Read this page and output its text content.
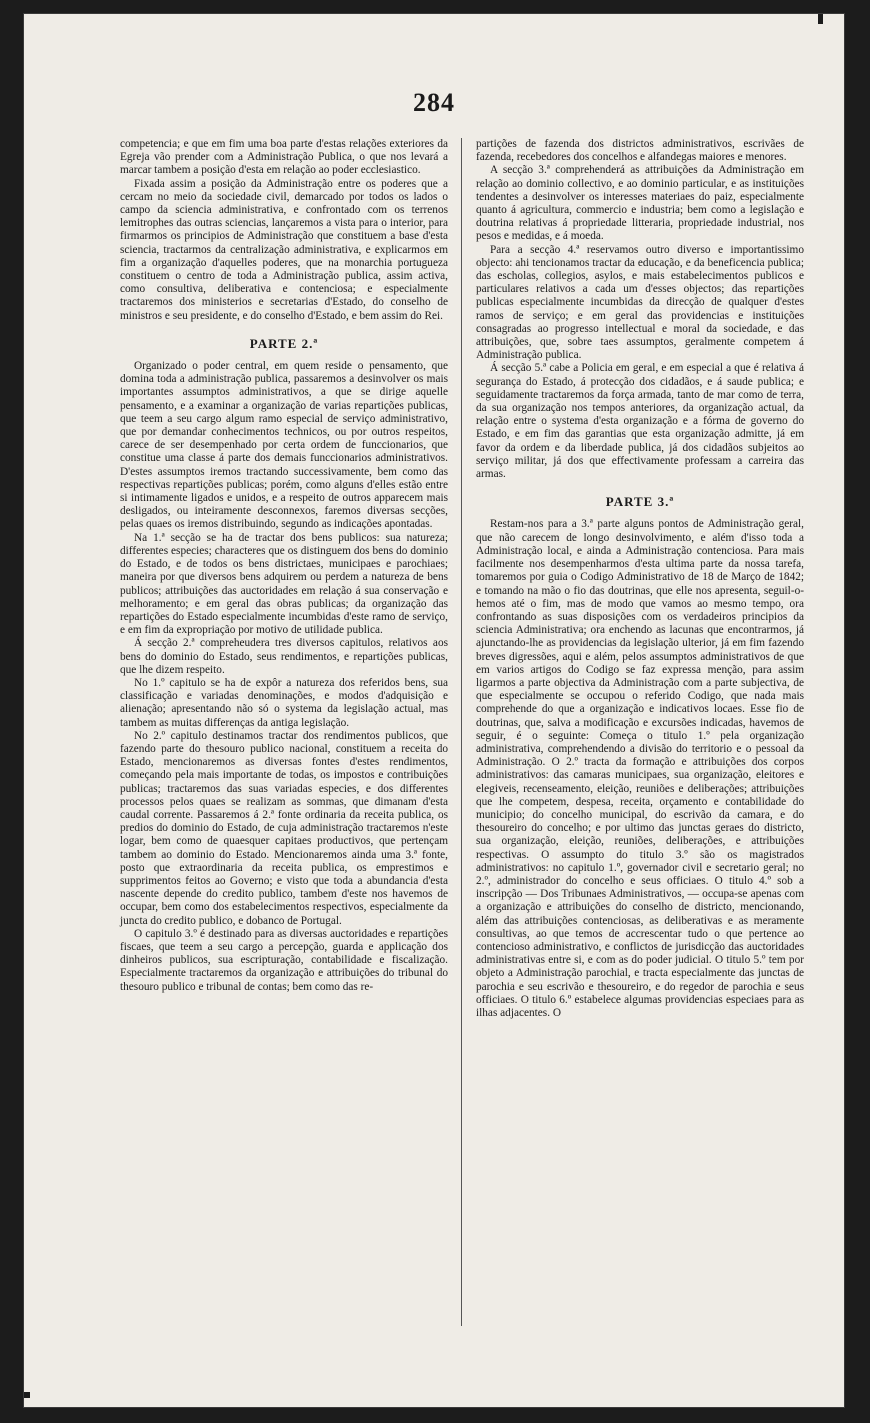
284

competencia; e que em fim uma boa parte d'estas relações exteriores da Egreja vão prender com a Administração Publica, o que nos levará a marcar tambem a posição d'esta em relação ao poder ecclesiastico.

Fixada assim a posição da Administração entre os poderes que a cercam no meio da sociedade civil, demarcado por todos os lados o campo da sciencia administrativa, e confrontado com os terrenos lemitrophes das outras sciencias, lançaremos a vista para o interior, para firmarmos os principios de Administração que constituem a base d'esta sciencia, tractarmos da centralização administrativa, e explicarmos em fim a organização d'aquelles poderes, que na monarchia portugueza constituem o centro de toda a Administração publica, assim activa, como consultiva, deliberativa e contenciosa; e especialmente tractaremos dos ministerios e secretarias d'Estado, do conselho de ministros e seu presidente, e do conselho d'Estado, e bem assim do Rei.

PARTE 2.ª

Organizado o poder central, em quem reside o pensamento, que domina toda a administração publica, passaremos a desinvolver os mais importantes assumptos administrativos, a que se dirige aquelle pensamento, e a examinar a organização de varias repartições publicas, que teem a seu cargo algum ramo especial de serviço administrativo, que por demandar conhecimentos technicos, ou por outros respeitos, carece de ser desempenhado por certa ordem de funccionarios, que constitue uma classe á parte dos demais funccionarios administrativos. D'estes assumptos iremos tractando successivamente, bem como das respectivas repartições publicas; porém, como alguns d'elles estão entre si intimamente ligados e unidos, e a respeito de outros apparecem mais desligados, ou inteiramente desconnexos, faremos diversas secções, pelas quaes os iremos distribuindo, segundo as indicações apontadas.

Na 1.ª secção se ha de tractar dos bens publicos: sua natureza; differentes especies; characteres que os distinguem dos bens do dominio do Estado, e de todos os bens districtaes, municipaes e parochiaes; maneira por que diversos bens adquirem ou perdem a natureza de bens publicos; attribuições das auctoridades em relação á sua conservação e melhoramento; e em geral das obras publicas; da organização das repartições do Estado especialmente incumbidas d'este ramo de serviço, e em fim da expropriação por motivo de utilidade publica.

Á secção 2.ª compreheudera tres diversos capitulos, relativos aos bens do dominio do Estado, seus rendimentos, e repartições publicas, que lhe dizem respeito.

No 1.º capitulo se ha de expôr a natureza dos referidos bens, sua classificação e variadas denominações, e modos d'adquisição e alienação; apresentando não só o systema da legislação actual, mas tambem as muitas differenças da antiga legislação.

No 2.º capitulo destinamos tractar dos rendimentos publicos, que fazendo parte do thesouro publico nacional, constituem a receita do Estado, mencionaremos as diversas fontes d'estes rendimentos, começando pela mais importante de todas, os impostos e contribuições publicas; tractaremos das suas variadas especies, e dos differentes processos pelos quaes se realizam as sommas, que dimanam d'esta caudal corrente. Passaremos á 2.ª fonte ordinaria da receita publica, os predios do dominio do Estado, de cuja administração tractaremos n'este logar, bem como de quaesquer capitaes productivos, que pertençam tambem ao dominio do Estado. Mencionaremos ainda uma 3.ª fonte, posto que extraordinaria da receita publica, os emprestimos e supprimentos feitos ao Governo; e visto que toda a abundancia d'esta nascente depende do credito publico, tambem d'este nos havemos de occupar, bem como dos estabelecimentos respectivos, especialmente da juncta do credito publico, e dobanco de Portugal.

O capitulo 3.º é destinado para as diversas auctoridades e repartições fiscaes, que teem a seu cargo a percepção, guarda e applicação dos dinheiros publicos, sua escripturação, contabilidade e fiscalização. Especialmente tractaremos da organização e attribuições do tribunal do thesouro publico e tribunal de contas; bem como das re-

partições de fazenda dos districtos administrativos, escrivães de fazenda, recebedores dos concelhos e alfandegas maiores e menores.

A secção 3.ª comprehenderá as attribuições da Administração em relação ao dominio collectivo, e ao dominio particular, e as instituições tendentes a desinvolver os interesses materiaes do paiz, especialmente quanto á agricultura, commercio e industria; bem como a legislação e doutrina relativas á propriedade litteraria, propriedade industrial, nos pesos e medidas, e á moeda.

Para a secção 4.ª reservamos outro diverso e importantissimo objecto: ahi tencionamos tractar da educação, e da beneficencia publica; das escholas, collegios, asylos, e mais estabelecimentos publicos e particulares relativos a cada um d'esses objectos; das repartições publicas especialmente incumbidas da direcção de qualquer d'estes ramos de serviço; e em geral das providencias e instituições consagradas ao progresso intellectual e moral da sociedade, e das attribuições, que, sobre taes assumptos, geralmente competem á Administração publica.

Á secção 5.ª cabe a Policia em geral, e em especial a que é relativa á segurança do Estado, á protecção dos cidadãos, e á saude publica; e seguidamente tractaremos da força armada, tanto de mar como de terra, da sua organização nos tempos anteriores, da organização actual, da relação entre o systema d'esta organização e a fórma de governo do Estado, e em fim das garantias que esta organização admitte, já em favor da ordem e da liberdade publica, já dos cidadãos subjeitos ao serviço militar, já dos que effectivamente professam a carreira das armas.

PARTE 3.ª

Restam-nos para a 3.ª parte alguns pontos de Administração geral, que não carecem de longo desinvolvimento, e além d'isso toda a Administração local, e ainda a Administração contenciosa. Para mais facilmente nos desempenharmos d'esta ultima parte da nossa tarefa, tomaremos por guia o Codigo Administrativo de 18 de Março de 1842; e tomando na mão o fio das doutrinas, que elle nos apresenta, seguil-o-hemos até o fim, mas de modo que vamos ao mesmo tempo, ora confrontando as suas disposições com os verdadeiros principios da sciencia Administrativa; ora enchendo as lacunas que encontrarmos, já ajunctando-lhe as providencias da legislação ulterior, já em fim fazendo breves digressões, aqui e além, pelos assumptos administrativos de que em varios artigos do Codigo se faz expressa menção, para assim ligarmos a parte objectiva da Administração com a parte subjectiva, de que especialmente se occupou o referido Codigo, que nada mais comprehende do que a organização e indicativos locaes. Esse fio de doutrinas, que, salva a modificação e excursões indicadas, havemos de seguir, é o seguinte: Começa o titulo 1.º pela organização administrativa, comprehendendo a divisão do territorio e o pessoal da Administração. O 2.º tracta da formação e attribuições dos corpos administrativos: das camaras municipaes, sua organização, eleitores e elegiveis, recenseamento, eleição, reuniões e deliberações; attribuições que lhe competem, despesa, receita, orçamento e contabilidade do municipio; do concelho municipal, do escrivão da camara, e do thesoureiro do concelho; e por ultimo das junctas geraes do districto, sua organização, eleição, reuniões, deliberações, e attribuições respectivas. O assumpto do titulo 3.º são os magistrados administrativos: no capitulo 1.º, governador civil e secretario geral; no 2.º, administrador do concelho e seus officiaes. O titulo 4.º sob a inscripção — Dos Tribunaes Administrativos, — occupa-se apenas com a organização e attribuições do conselho de districto, mencionando, além das attribuições contenciosas, as deliberativas e as meramente consultivas, ao que temos de accrescentar tudo o que pertence ao contencioso administrativo, e conflictos de jurisdicção das auctoridades administrativas entre si, e com as do poder judicial. O titulo 5.º tem por objeto a Administração parochial, e tracta especialmente das junctas de parochia e seu escrivão e thesoureiro, e do regedor de parochia e seus officiaes. O titulo 6.º estabelece algumas providencias especiaes para as ilhas adjacentes. O
